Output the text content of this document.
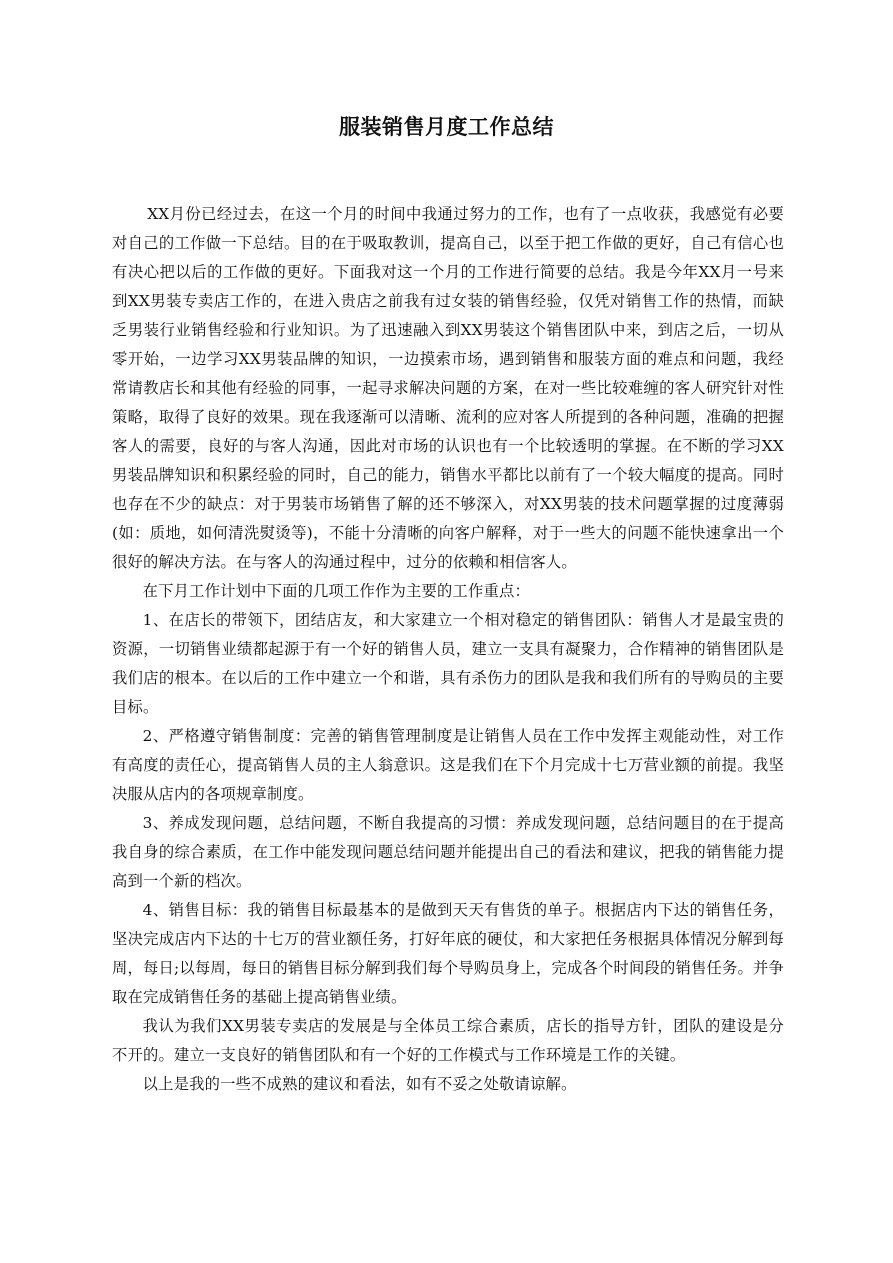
服装销售月度工作总结

XX月份已经过去，在这一个月的时间中我通过努力的工作，也有了一点收获，我感觉有必要对自己的工作做一下总结。目的在于吸取教训，提高自己，以至于把工作做的更好，自己有信心也有决心把以后的工作做的更好。下面我对这一个月的工作进行简要的总结。我是今年XX月一号来到XX男装专卖店工作的，在进入贵店之前我有过女装的销售经验，仅凭对销售工作的热情，而缺乏男装行业销售经验和行业知识。为了迅速融入到XX男装这个销售团队中来，到店之后，一切从零开始，一边学习XX男装品牌的知识，一边摸索市场，遇到销售和服装方面的难点和问题，我经常请教店长和其他有经验的同事，一起寻求解决问题的方案，在对一些比较难缠的客人研究针对性策略，取得了良好的效果。现在我逐渐可以清晰、流利的应对客人所提到的各种问题，准确的把握客人的需要，良好的与客人沟通，因此对市场的认识也有一个比较透明的掌握。在不断的学习XX男装品牌知识和积累经验的同时，自己的能力，销售水平都比以前有了一个较大幅度的提高。同时也存在不少的缺点：对于男装市场销售了解的还不够深入，对XX男装的技术问题掌握的过度薄弱(如：质地，如何清洗熨烫等)，不能十分清晰的向客户解释，对于一些大的问题不能快速拿出一个很好的解决方法。在与客人的沟通过程中，过分的依赖和相信客人。

在下月工作计划中下面的几项工作作为主要的工作重点：

1、在店长的带领下，团结店友，和大家建立一个相对稳定的销售团队：销售人才是最宝贵的资源，一切销售业绩都起源于有一个好的销售人员，建立一支具有凝聚力，合作精神的销售团队是我们店的根本。在以后的工作中建立一个和谐，具有杀伤力的团队是我和我们所有的导购员的主要目标。

2、严格遵守销售制度：完善的销售管理制度是让销售人员在工作中发挥主观能动性，对工作有高度的责任心，提高销售人员的主人翁意识。这是我们在下个月完成十七万营业额的前提。我坚决服从店内的各项规章制度。

3、养成发现问题，总结问题，不断自我提高的习惯：养成发现问题，总结问题目的在于提高我自身的综合素质，在工作中能发现问题总结问题并能提出自己的看法和建议，把我的销售能力提高到一个新的档次。

4、销售目标：我的销售目标最基本的是做到天天有售货的单子。根据店内下达的销售任务，坚决完成店内下达的十七万的营业额任务，打好年底的硬仗，和大家把任务根据具体情况分解到每周，每日;以每周，每日的销售目标分解到我们每个导购员身上，完成各个时间段的销售任务。并争取在完成销售任务的基础上提高销售业绩。

我认为我们XX男装专卖店的发展是与全体员工综合素质，店长的指导方针，团队的建设是分不开的。建立一支良好的销售团队和有一个好的工作模式与工作环境是工作的关键。

以上是我的一些不成熟的建议和看法，如有不妥之处敬请谅解。
